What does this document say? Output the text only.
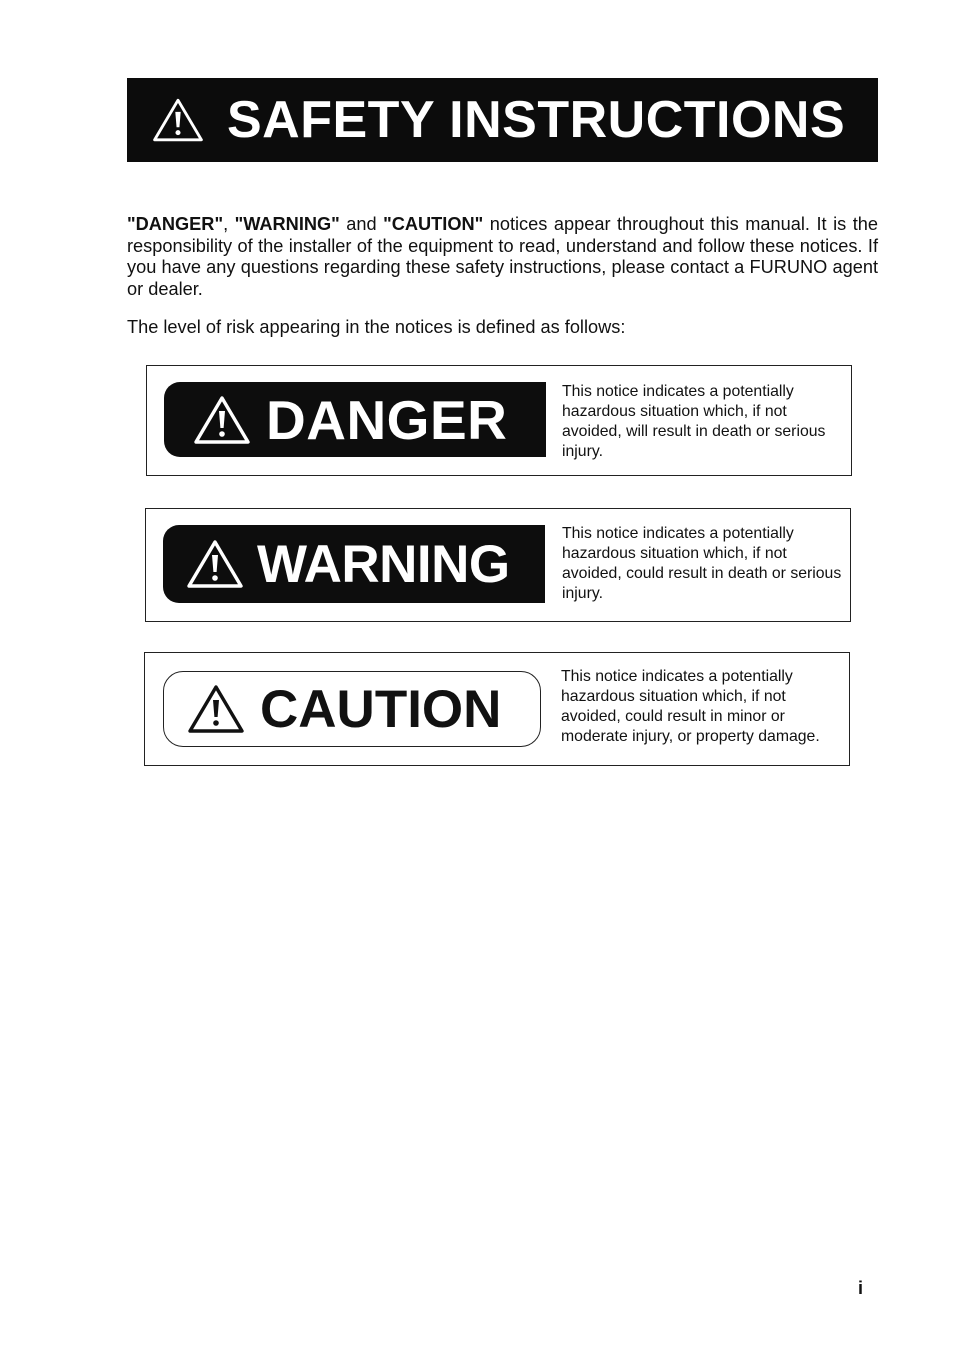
SAFETY INSTRUCTIONS

"DANGER", "WARNING" and "CAUTION" notices appear throughout this manual. It is the responsibility of the installer of the equipment to read, understand and follow these notices. If you have any questions regarding these safety instructions, please contact a FURUNO agent or dealer.

The level of risk appearing in the notices is defined as follows:

DANGER	This notice indicates a potentially hazardous situation which, if not avoided, will result in death or serious injury.

WARNING

This notice indicates a potentially hazardous situation which, if not avoided, could result in death or serious injury.

CAUTION

This notice indicates a potentially hazardous situation which, if not avoided, could result in minor or moderate injury, or property damage.

i
